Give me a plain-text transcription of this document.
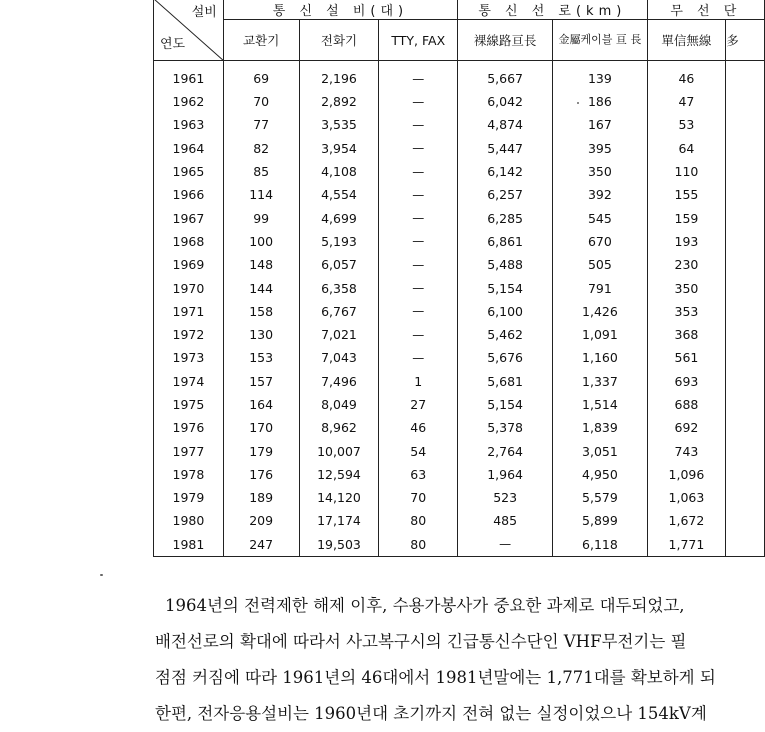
설비
연도	통 신 설 비(대)			통 신 선 로(km)		무 선 단	
	교환기	전화기	TTY, FAX	裸線路亘長	金屬케이블 亘 長	單信無線	多
1961	69	2,196	—	5,667	139	46	
1962	70	2,892	—	6,042	186	47	
1963	77	3,535	—	4,874	167	53	
1964	82	3,954	—	5,447	395	64	
1965	85	4,108	—	6,142	350	110	
1966	114	4,554	—	6,257	392	155	
1967	99	4,699	—	6,285	545	159	
1968	100	5,193	—	6,861	670	193	
1969	148	6,057	—	5,488	505	230	
1970	144	6,358	—	5,154	791	350	
1971	158	6,767	—	6,100	1,426	353	
1972	130	7,021	—	5,462	1,091	368	
1973	153	7,043	—	5,676	1,160	561	
1974	157	7,496	1	5,681	1,337	693	
1975	164	8,049	27	5,154	1,514	688	
1976	170	8,962	46	5,378	1,839	692	
1977	179	10,007	54	2,764	3,051	743	
1978	176	12,594	63	1,964	4,950	1,096	
1979	189	14,120	70	523	5,579	1,063	
1980	209	17,174	80	485	5,899	1,672	
1981	247	19,503	80	—	6,118	1,771	

1964년의 전력제한 해제 이후, 수용가봉사가 중요한 과제로 대두되었고,

배전선로의 확대에 따라서 사고복구시의 긴급통신수단인 VHF무전기는 필

점점 커짐에 따라 1961년의 46대에서 1981년말에는 1,771대를 확보하게 되

한편, 전자응용설비는 1960년대 초기까지 전혀 없는 실정이었으나 154kV계
